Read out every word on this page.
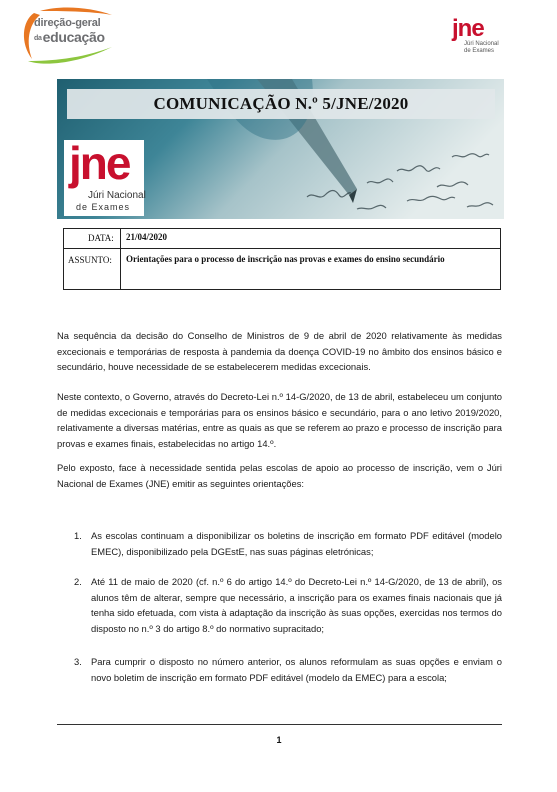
direção-geral
daeducação	jne
Júri Nacional
de Exames
COMUNICAÇÃO N.º 5/JNE/2020
jne
Júri Nacional
de Exames
DATA: 21/04/2020
ASSUNTO: Orientações para o processo de inscrição nas provas e exames do ensino secundário
Na sequência da decisão do Conselho de Ministros de 9 de abril de 2020 relativamente às medidas excecionais e temporárias de resposta à pandemia da doença COVID-19 no âmbito dos ensinos básico e secundário, houve necessidade de se estabelecerem medidas excecionais.
Neste contexto, o Governo, através do Decreto-Lei n.º 14-G/2020, de 13 de abril, estabeleceu um conjunto de medidas excecionais e temporárias para os ensinos básico e secundário, para o ano letivo 2019/2020, relativamente a diversas matérias, entre as quais as que se referem ao prazo e processo de inscrição para provas e exames finais, estabelecidas no artigo 14.º.
Pelo exposto, face à necessidade sentida pelas escolas de apoio ao processo de inscrição, vem o Júri Nacional de Exames (JNE) emitir as seguintes orientações:
1. As escolas continuam a disponibilizar os boletins de inscrição em formato PDF editável (modelo EMEC), disponibilizado pela DGEstE, nas suas páginas eletrónicas;
2. Até 11 de maio de 2020 (cf. n.º 6 do artigo 14.º do Decreto-Lei n.º 14-G/2020, de 13 de abril), os alunos têm de alterar, sempre que necessário, a inscrição para os exames finais nacionais que já tenha sido efetuada, com vista à adaptação da inscrição às suas opções, exercidas nos termos do disposto no n.º 3 do artigo 8.º do normativo supracitado;
3. Para cumprir o disposto no número anterior, os alunos reformulam as suas opções e enviam o novo boletim de inscrição em formato PDF editável (modelo da EMEC) para a escola;
1
